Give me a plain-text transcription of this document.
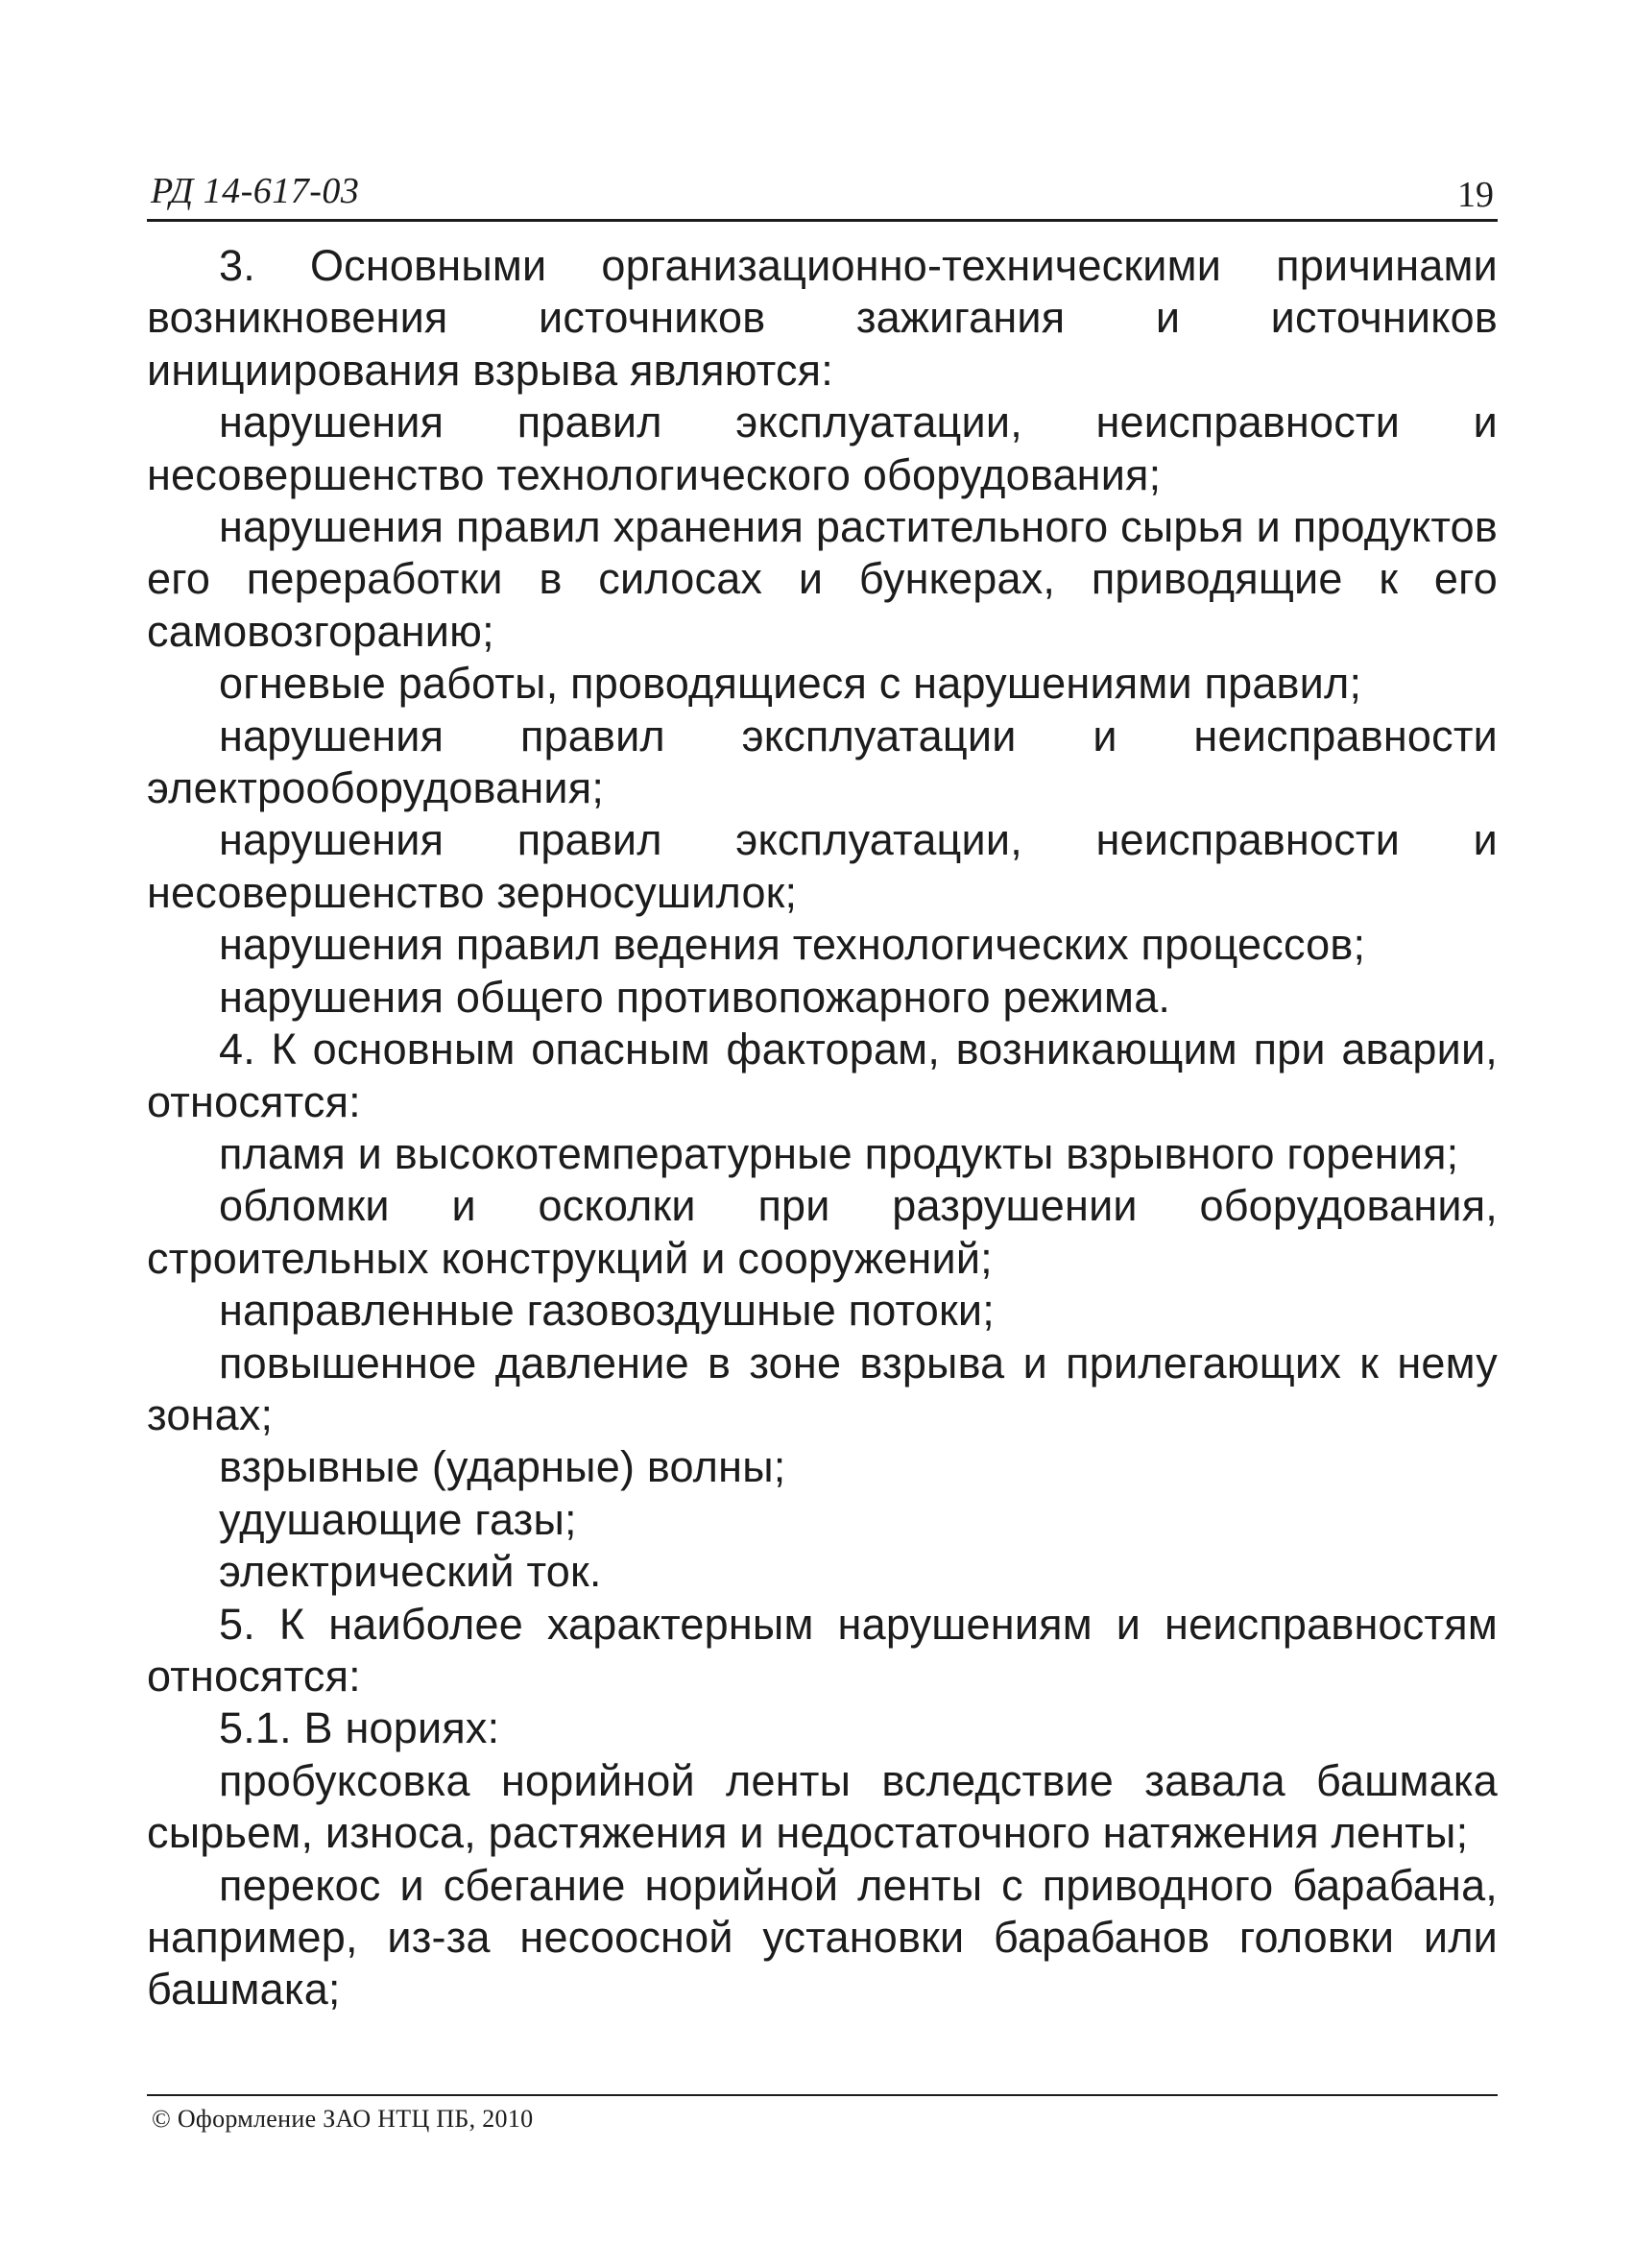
РД 14-617-03	19

3. Основными организационно-техническими причинами возникновения источников зажигания и источников инициирования взрыва являются:

нарушения правил эксплуатации, неисправности и несовершенство технологического оборудования;

нарушения правил хранения растительного сырья и продуктов его переработки в силосах и бункерах, приводящие к его самовозгоранию;

огневые работы, проводящиеся с нарушениями правил;

нарушения правил эксплуатации и неисправности электрооборудования;

нарушения правил эксплуатации, неисправности и несовершенство зерносушилок;

нарушения правил ведения технологических процессов;

нарушения общего противопожарного режима.

4. К основным опасным факторам, возникающим при аварии, относятся:

пламя и высокотемпературные продукты взрывного горения;

обломки и осколки при разрушении оборудования, строительных конструкций и сооружений;

направленные газовоздушные потоки;

повышенное давление в зоне взрыва и прилегающих к нему зонах;

взрывные (ударные) волны;

удушающие газы;

электрический ток.

5. К наиболее характерным нарушениям и неисправностям относятся:

5.1. В нориях:

пробуксовка норийной ленты вследствие завала башмака сырьем, износа, растяжения и недостаточного натяжения ленты;

перекос и сбегание норийной ленты с приводного барабана, например, из-за несоосной установки барабанов головки или башмака;

© Оформление ЗАО НТЦ ПБ, 2010
